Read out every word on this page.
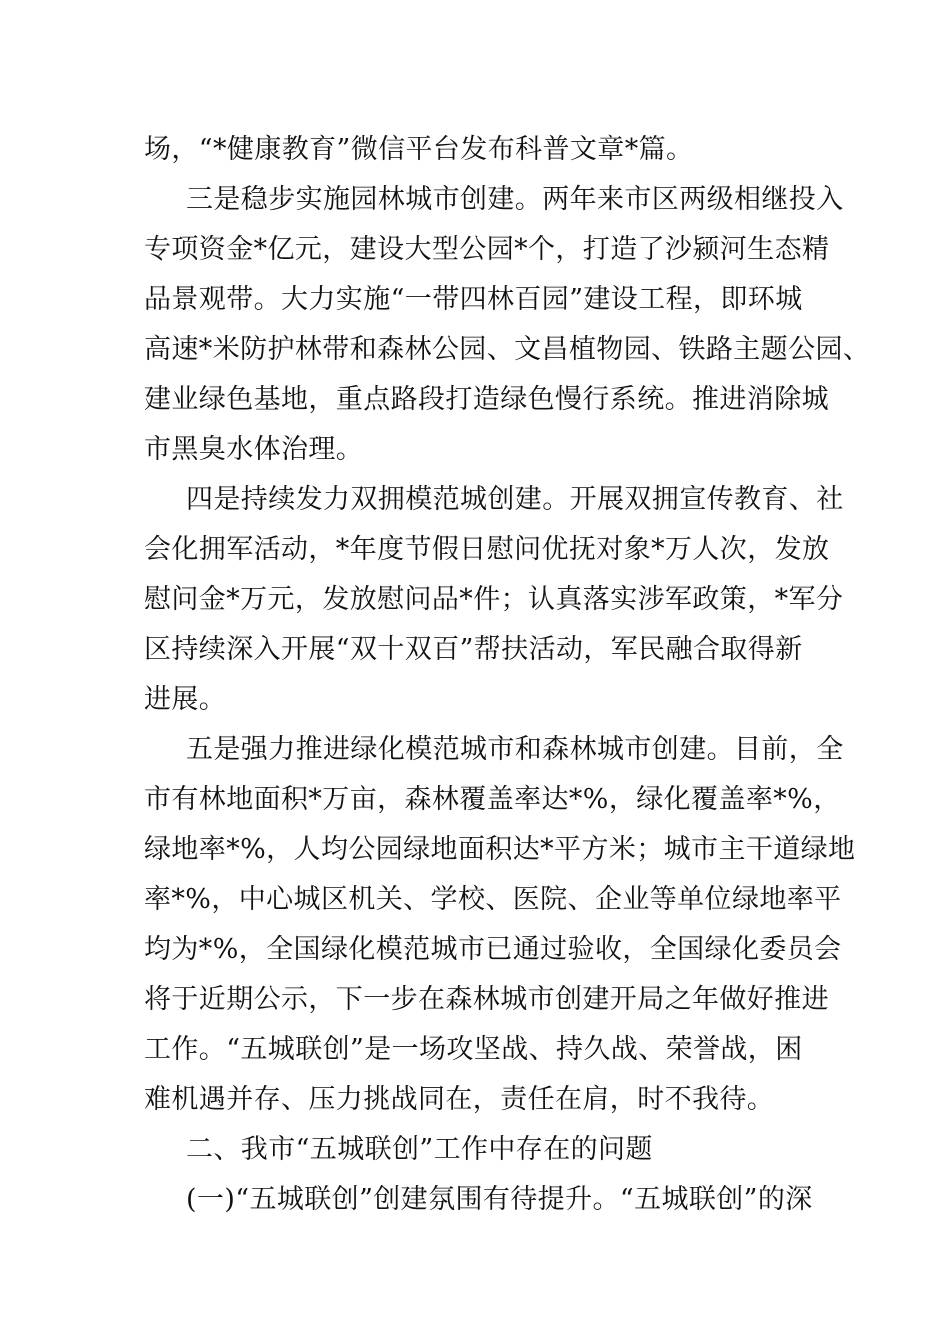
场，“*健康教育”微信平台发布科普文章*篇。
三是稳步实施园林城市创建。两年来市区两级相继投入
专项资金*亿元，建设大型公园*个，打造了沙颍河生态精
品景观带。大力实施“一带四林百园”建设工程，即环城
高速*米防护林带和森林公园、文昌植物园、铁路主题公园、
建业绿色基地，重点路段打造绿色慢行系统。推进消除城
市黑臭水体治理。
四是持续发力双拥模范城创建。开展双拥宣传教育、社
会化拥军活动，*年度节假日慰问优抚对象*万人次，发放
慰问金*万元，发放慰问品*件；认真落实涉军政策，*军分
区持续深入开展“双十双百”帮扶活动，军民融合取得新
进展。
五是强力推进绿化模范城市和森林城市创建。目前，全
市有林地面积*万亩，森林覆盖率达*%，绿化覆盖率*%，
绿地率*%，人均公园绿地面积达*平方米；城市主干道绿地
率*%，中心城区机关、学校、医院、企业等单位绿地率平
均为*%，全国绿化模范城市已通过验收，全国绿化委员会
将于近期公示，下一步在森林城市创建开局之年做好推进
工作。“五城联创”是一场攻坚战、持久战、荣誉战，困
难机遇并存、压力挑战同在，责任在肩，时不我待。
二、我市“五城联创”工作中存在的问题
(一)“五城联创”创建氛围有待提升。“五城联创”的深
